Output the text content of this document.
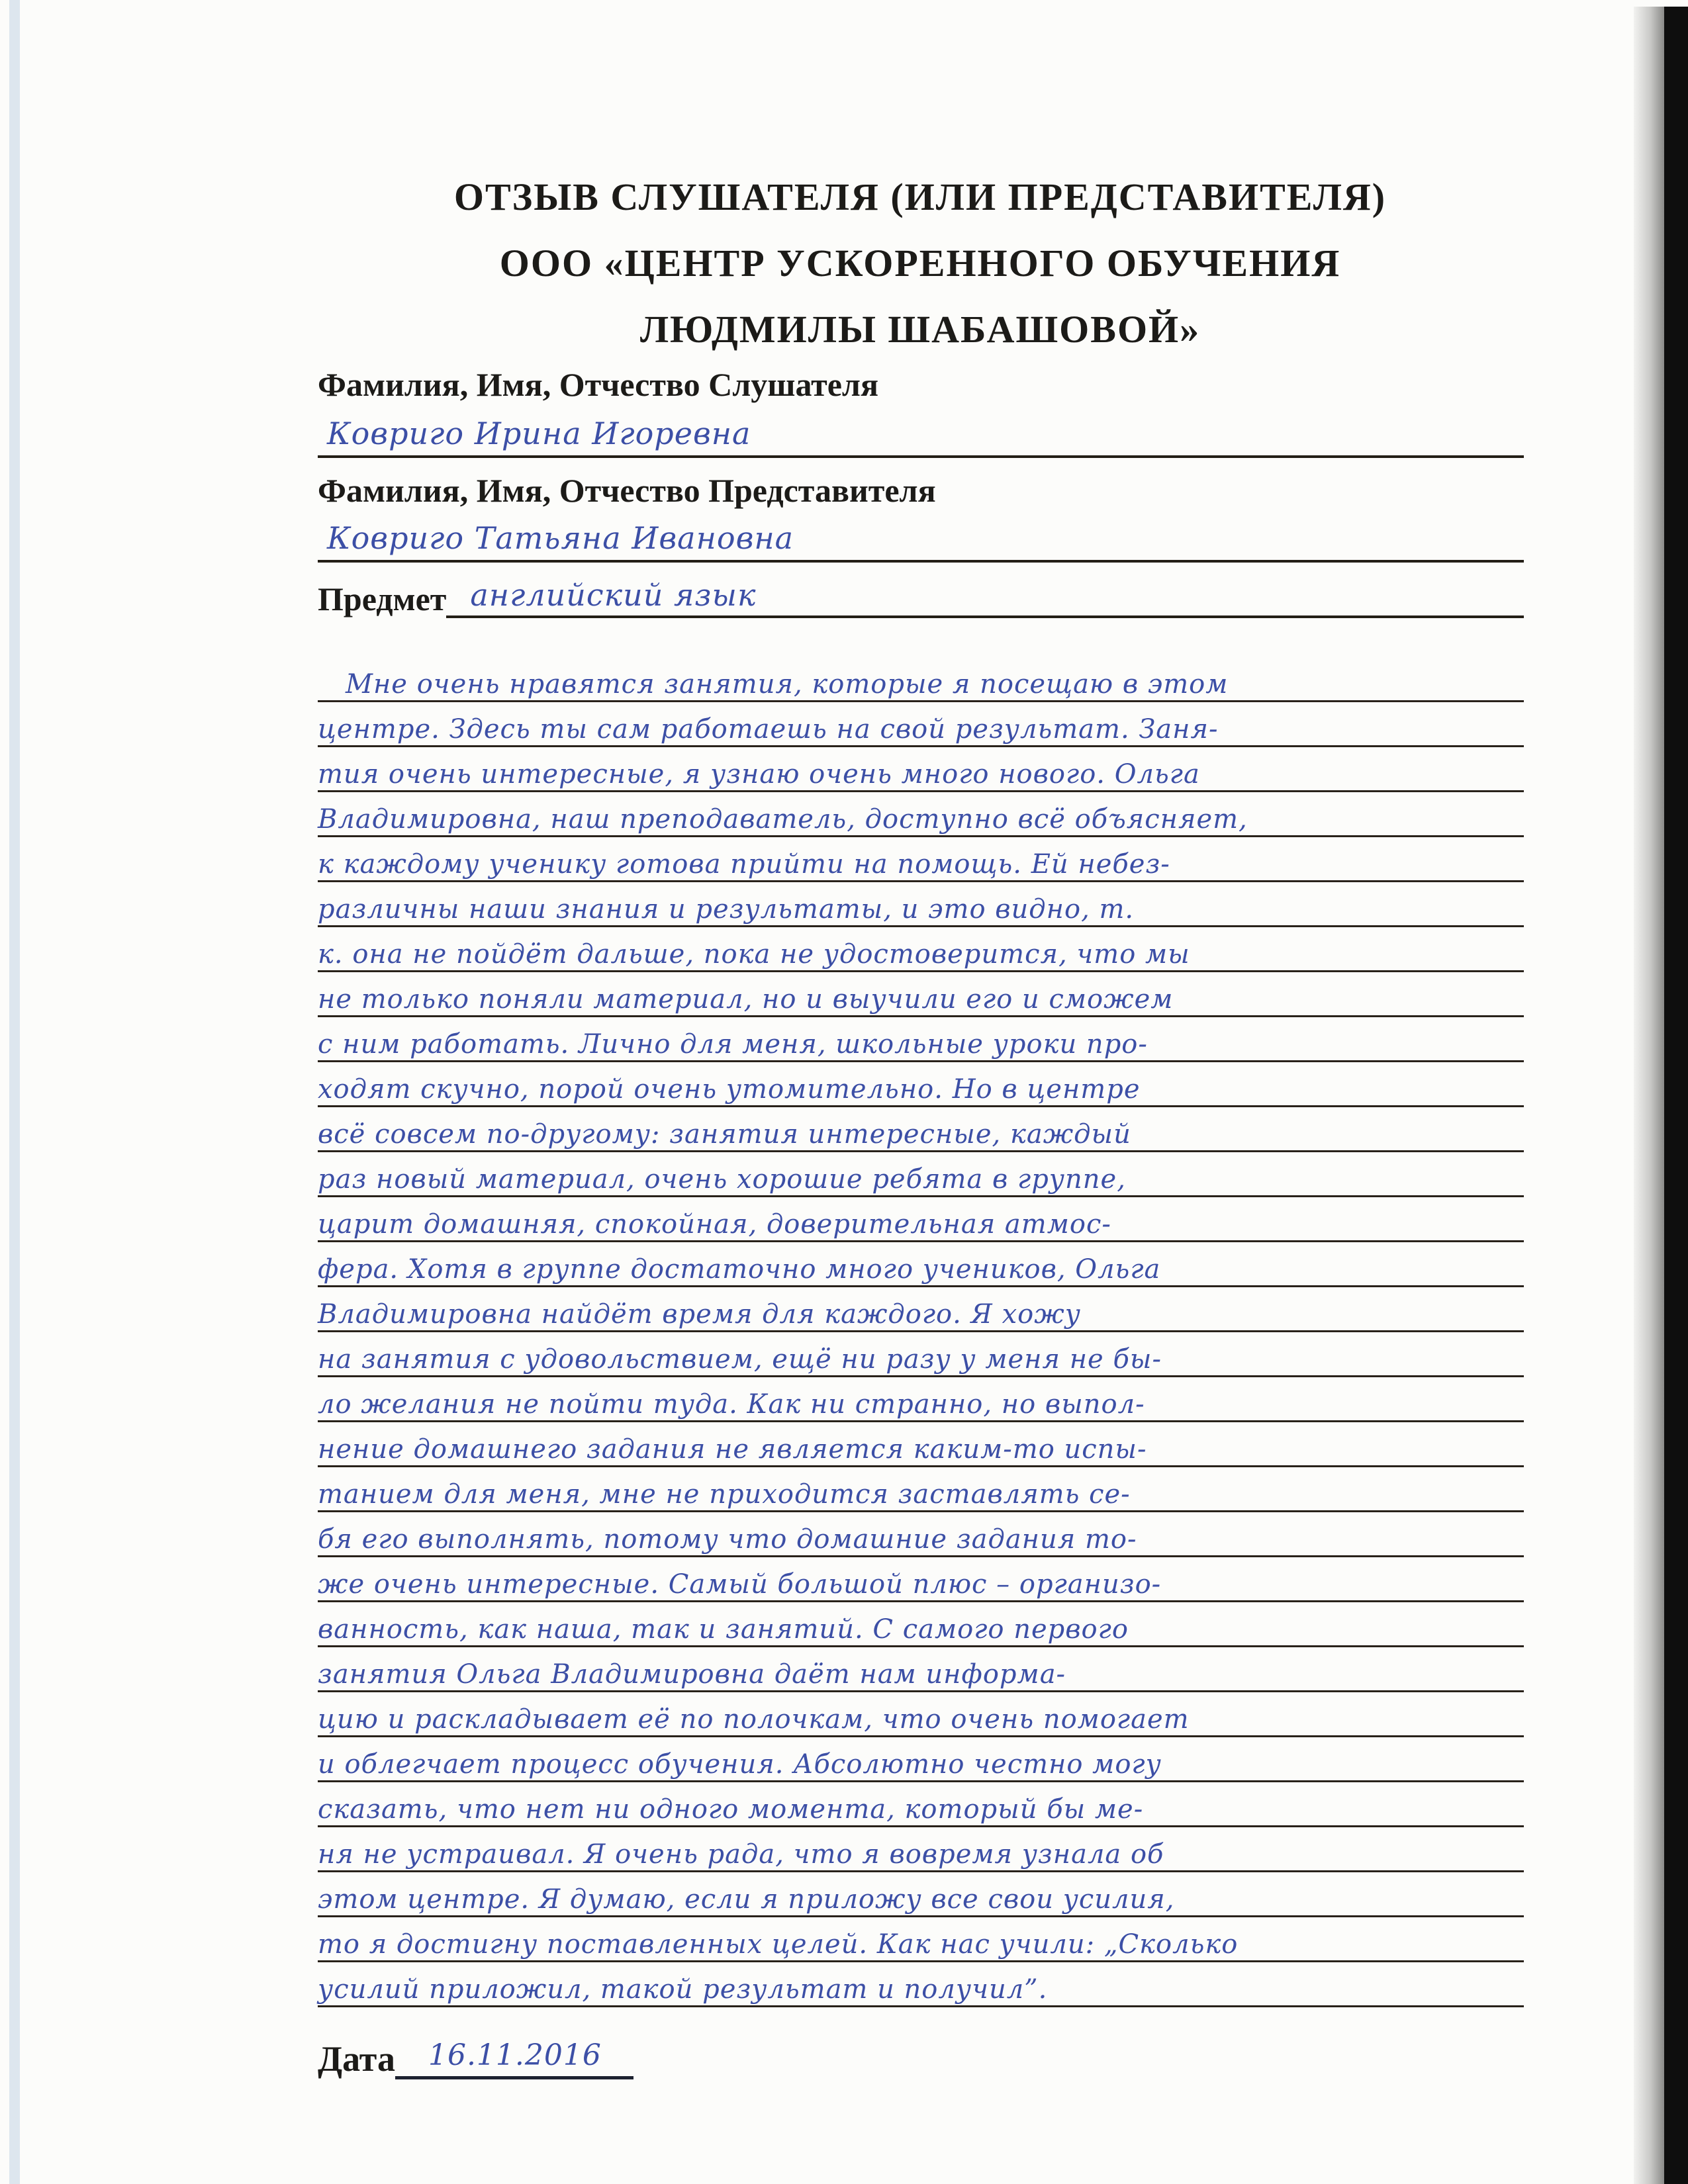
ОТЗЫВ СЛУШАТЕЛЯ (ИЛИ ПРЕДСТАВИТЕЛЯ)
ООО «ЦЕНТР УСКОРЕННОГО ОБУЧЕНИЯ
ЛЮДМИЛЫ ШАБАШОВОЙ»
Фамилия, Имя, Отчество Слушателя
Ковриго Ирина Игоревна
Фамилия, Имя, Отчество Представителя
Ковриго Татьяна Ивановна
Предмет английский язык
Мне очень нравятся занятия, которые я посещаю в этом
центре. Здесь ты сам работаешь на свой результат. Заня-
тия очень интересные, я узнаю очень много нового. Ольга
Владимировна, наш преподаватель, доступно всё объясняет,
к каждому ученику готова прийти на помощь. Ей небез-
различны наши знания и результаты, и это видно, т.
к. она не пойдёт дальше, пока не удостоверится, что мы
не только поняли материал, но и выучили его и сможем
с ним работать. Лично для меня, школьные уроки про-
ходят скучно, порой очень утомительно. Но в центре
всё совсем по-другому: занятия интересные, каждый
раз новый материал, очень хорошие ребята в группе,
царит домашняя, спокойная, доверительная атмос-
фера. Хотя в группе достаточно много учеников, Ольга
Владимировна найдёт время для каждого. Я хожу
на занятия с удовольствием, ещё ни разу у меня не бы-
ло желания не пойти туда. Как ни странно, но выпол-
нение домашнего задания не является каким-то испы-
танием для меня, мне не приходится заставлять се-
бя его выполнять, потому что домашние задания то-
же очень интересные. Самый большой плюс – организо-
ванность, как наша, так и занятий. С самого первого
занятия Ольга Владимировна даёт нам информа-
цию и раскладывает её по полочкам, что очень помогает
и облегчает процесс обучения. Абсолютно честно могу
сказать, что нет ни одного момента, который бы ме-
ня не устраивал. Я очень рада, что я вовремя узнала об
этом центре. Я думаю, если я приложу все свои усилия,
то я достигну поставленных целей. Как нас учили: „Сколько
усилий приложил, такой результат и получил”.
Дата	16.11.2016
